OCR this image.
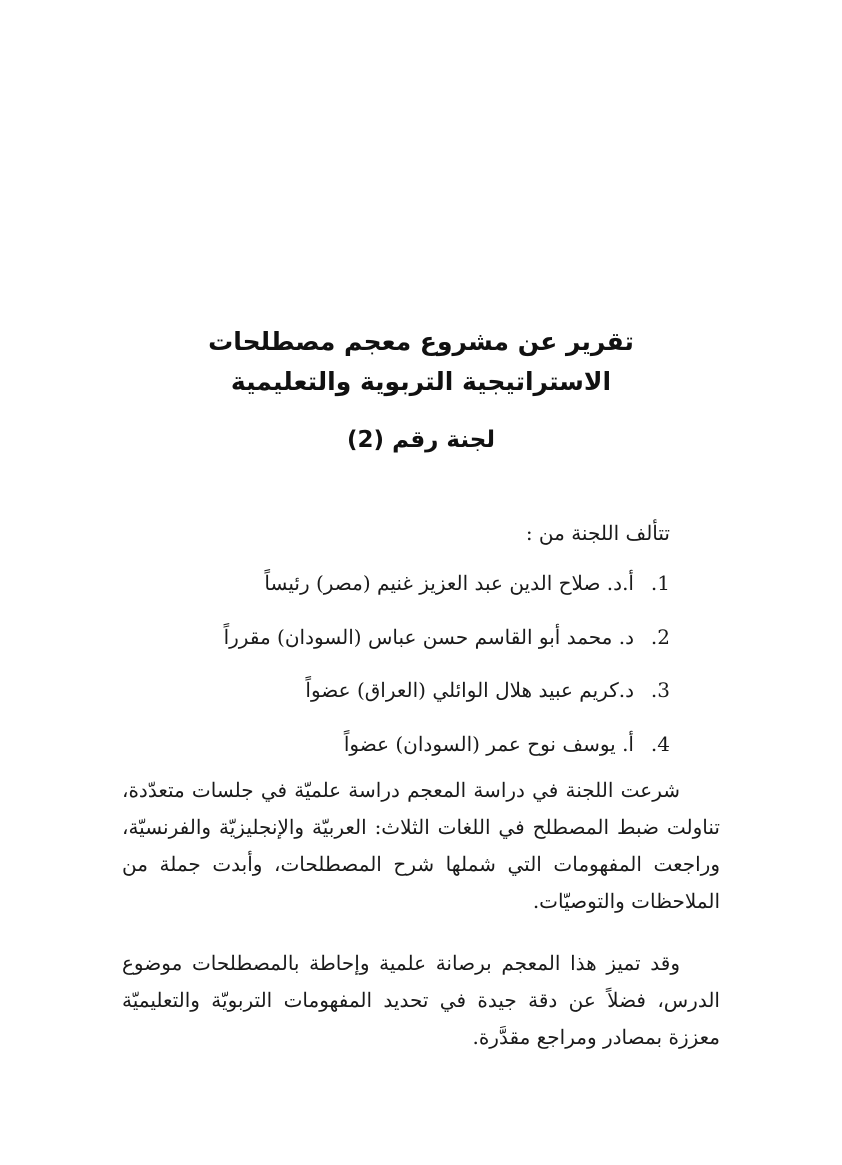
تقرير عن مشروع معجم مصطلحات
الاستراتيجية التربوية والتعليمية
لجنة رقم (2)
تتألف اللجنة من :
1.أ.د. صلاح الدين عبد العزيز غنيم (مصر) رئيساً
2.د. محمد أبو القاسم حسن عباس (السودان) مقرراً
3.د.كريم عبيد هلال الوائلي (العراق) عضواً
4.أ. يوسف نوح عمر (السودان) عضواً

شرعت اللجنة في دراسة المعجم دراسة علميّة في جلسات متعدّدة، تناولت ضبط المصطلح في اللغات الثلاث: العربيّة والإنجليزيّة والفرنسيّة، وراجعت المفهومات التي شملها شرح المصطلحات، وأبدت جملة من الملاحظات والتوصيّات.

وقد تميز هذا المعجم برصانة علمية وإحاطة بالمصطلحات موضوع الدرس، فضلاً عن دقة جيدة في تحديد المفهومات التربويّة والتعليميّة معززة بمصادر ومراجع مقدَّرة.
